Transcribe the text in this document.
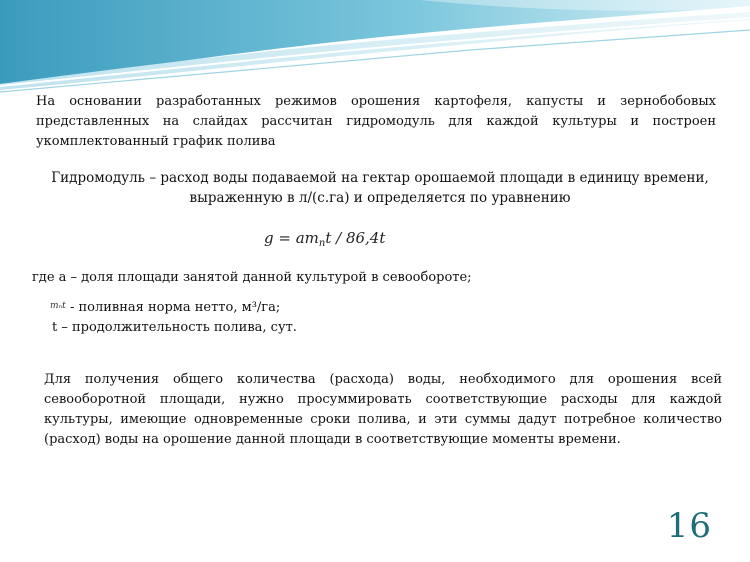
На основании разработанных режимов орошения картофеля, капусты и зернобобовых представленных на слайдах рассчитан гидромодуль для каждой культуры и построен укомплектованный график полива

Гидромодуль – расход воды подаваемой на гектар орошаемой площади в единицу времени,
выраженную в л/(с.га) и определяется по уравнению

$g = am_nt / 86,4t$

где а – доля площади занятой данной культурой в севообороте;

$^{m_nt}$ - поливная норма нетто, м³/га;

t – продолжительность полива, сут.

Для получения общего количества (расхода) воды, необходимого для орошения всей севооборотной площади, нужно просуммировать соответствующие расходы для каждой культуры, имеющие одновременные сроки полива, и эти суммы дадут потребное количество (расход) воды на орошение данной площади в соответствующие моменты времени.

16
